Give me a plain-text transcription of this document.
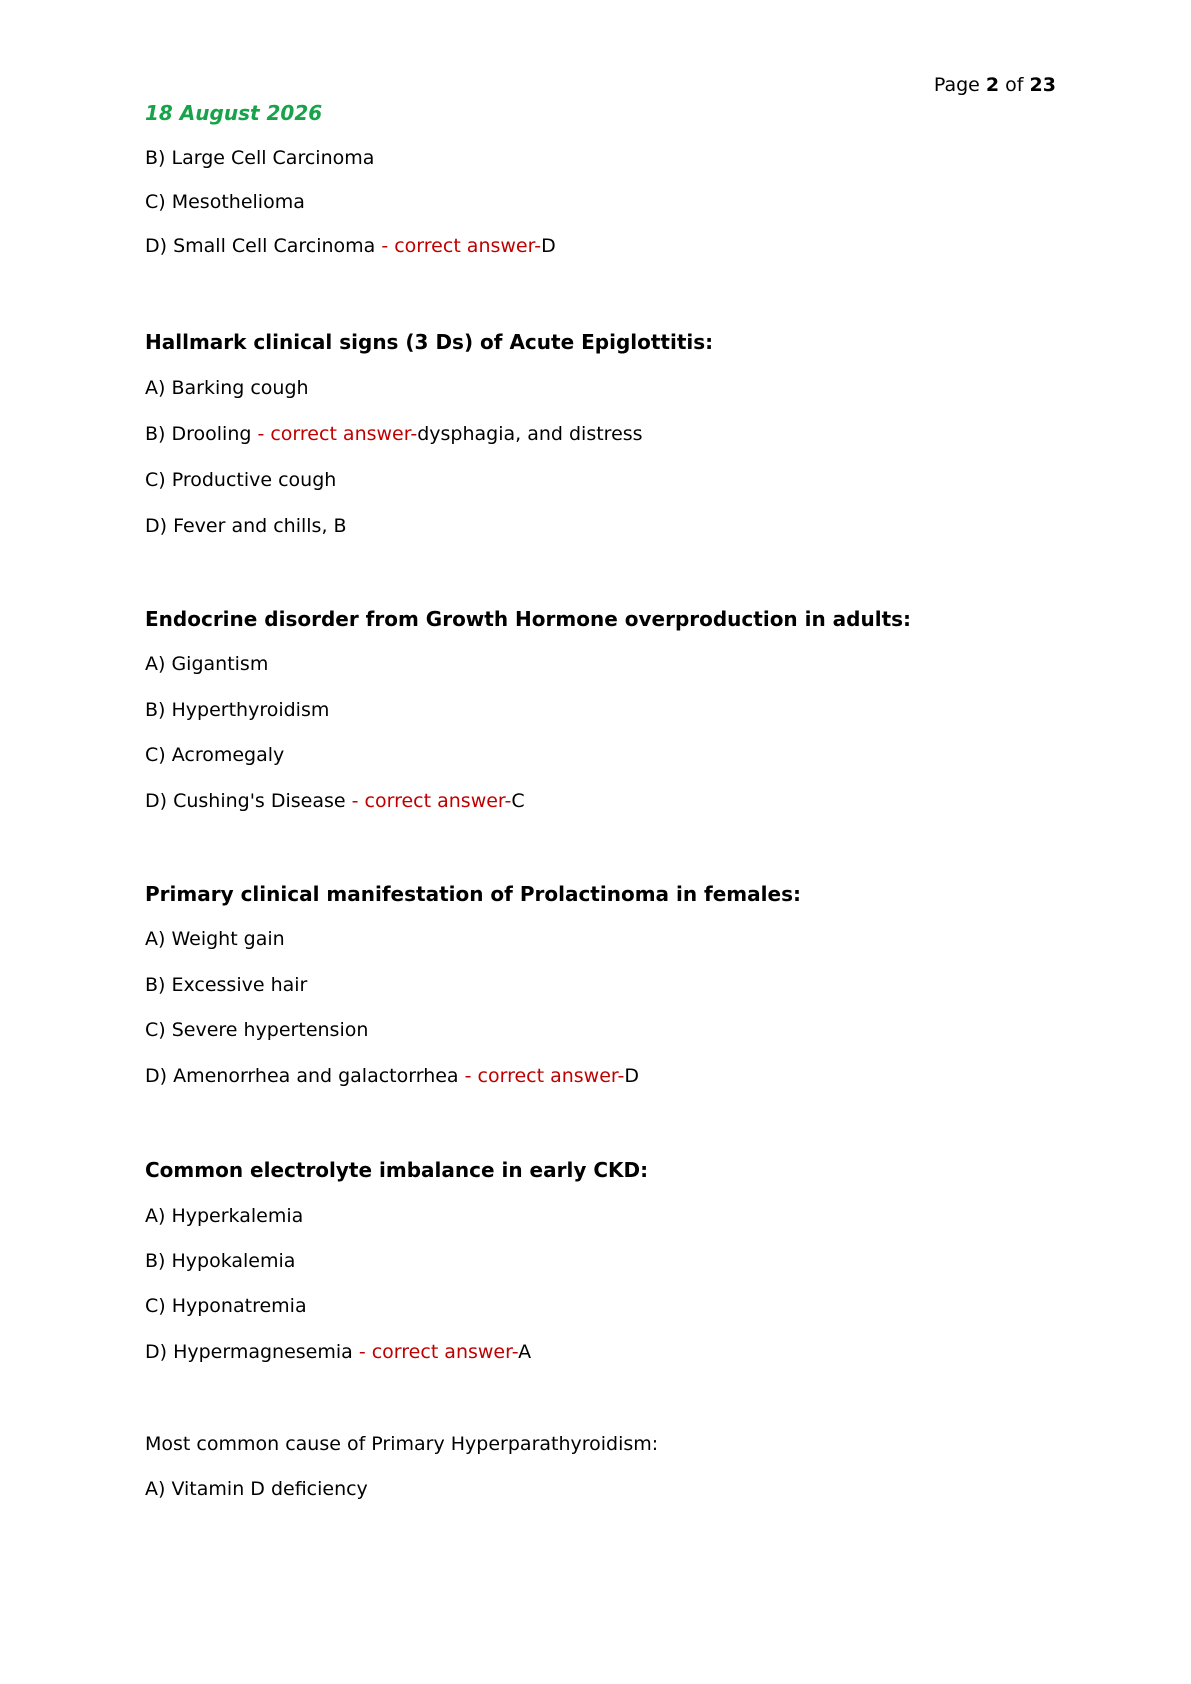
Page 2 of 23
18 August 2026
B) Large Cell Carcinoma
C) Mesothelioma
D) Small Cell Carcinoma - correct answer-D
Hallmark clinical signs (3 Ds) of Acute Epiglottitis:
A) Barking cough
B) Drooling - correct answer-dysphagia, and distress
C) Productive cough
D) Fever and chills, B
Endocrine disorder from Growth Hormone overproduction in adults:
A) Gigantism
B) Hyperthyroidism
C) Acromegaly
D) Cushing's Disease - correct answer-C
Primary clinical manifestation of Prolactinoma in females:
A) Weight gain
B) Excessive hair
C) Severe hypertension
D) Amenorrhea and galactorrhea - correct answer-D
Common electrolyte imbalance in early CKD:
A) Hyperkalemia
B) Hypokalemia
C) Hyponatremia
D) Hypermagnesemia - correct answer-A
Most common cause of Primary Hyperparathyroidism:
A) Vitamin D deficiency
